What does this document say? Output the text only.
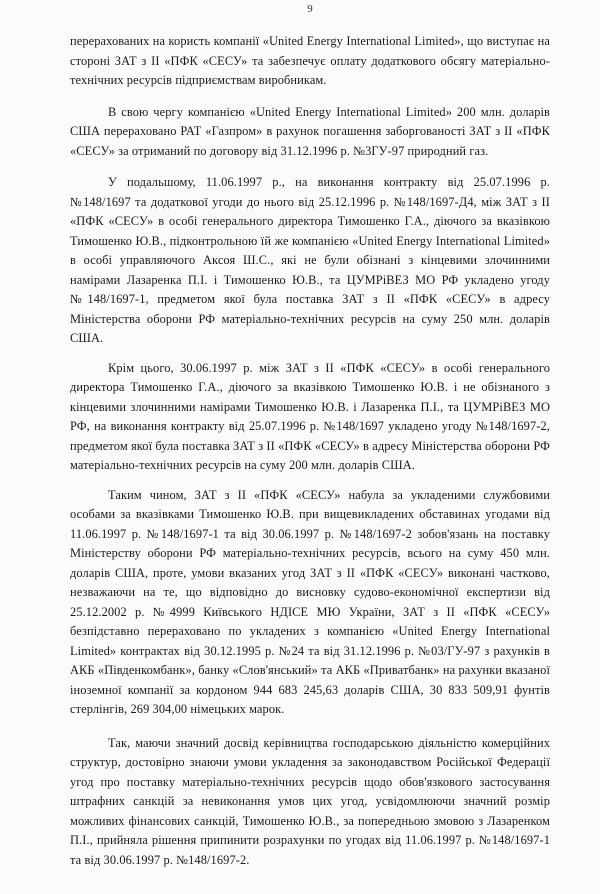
9

перерахованих на користь компанії «United Energy International Limited», що виступає на стороні ЗАТ з ІІ «ПФК «СЕСУ» та забезпечує оплату додаткового обсягу матеріально-технічних ресурсів підприємствам виробникам.

В свою чергу компанією «United Energy International Limited» 200 млн. доларів США перераховано РАТ «Газпром» в рахунок погашення заборгованості ЗАТ з ІІ «ПФК «СЕСУ» за отриманий по договору від 31.12.1996 р. №3ГУ-97 природний газ.

У подальшому, 11.06.1997 р., на виконання контракту від 25.07.1996 р. №148/1697 та додаткової угоди до нього від 25.12.1996 р. №148/1697-Д4, між ЗАТ з ІІ «ПФК «СЕСУ» в особі генерального директора Тимошенко Г.А., діючого за вказівкою Тимошенко Ю.В., підконтрольною їй же компанією «United Energy International Limited» в особі управляючого Аксоя Ш.С., які не були обізнані з кінцевими злочинними намірами Лазаренка П.І. і Тимошенко Ю.В., та ЦУМРіВЕЗ МО РФ укладено угоду №148/1697-1, предметом якої була поставка ЗАТ з ІІ «ПФК «СЕСУ» в адресу Міністерства оборони РФ матеріально-технічних ресурсів на суму 250 млн. доларів США.

Крім цього, 30.06.1997 р. між ЗАТ з ІІ «ПФК «СЕСУ» в особі генерального директора Тимошенко Г.А., діючого за вказівкою Тимошенко Ю.В. і не обізнаного з кінцевими злочинними намірами Тимошенко Ю.В. і Лазаренка П.І., та ЦУМРіВЕЗ МО РФ, на виконання контракту від 25.07.1996 р. №148/1697 укладено угоду №148/1697-2, предметом якої була поставка ЗАТ з ІІ «ПФК «СЕСУ» в адресу Міністерства оборони РФ матеріально-технічних ресурсів на суму 200 млн. доларів США.

Таким чином, ЗАТ з ІІ «ПФК «СЕСУ» набула за укладеними службовими особами за вказівками Тимошенко Ю.В. при вищевикладених обставинах угодами від 11.06.1997 р. №148/1697-1 та від 30.06.1997 р. №148/1697-2 зобов'язань на поставку Міністерству оборони РФ матеріально-технічних ресурсів, всього на суму 450 млн. доларів США, проте, умови вказаних угод ЗАТ з ІІ «ПФК «СЕСУ» виконані частково, незважаючи на те, що відповідно до висновку судово-економічної експертизи від 25.12.2002 р. №4999 Київського НДІСЕ МЮ України, ЗАТ з ІІ «ПФК «СЕСУ» безпідставно перераховано по укладених з компанією «United Energy International Limited» контрактах від 30.12.1995 р. №24 та від 31.12.1996 р. №03/ГУ-97 з рахунків в АКБ «Південкомбанк», банку «Слов'янський» та АКБ «Приватбанк» на рахунки вказаної іноземної компанії за кордоном 944 683 245,63 доларів США, 30 833 509,91 фунтів стерлінгів, 269 304,00 німецьких марок.

Так, маючи значний досвід керівництва господарською діяльністю комерційних структур, достовірно знаючи умови укладення за законодавством Російської Федерації угод про поставку матеріально-технічних ресурсів щодо обов'язкового застосування штрафних санкцій за невиконання умов цих угод, усвідомлюючи значний розмір можливих фінансових санкцій, Тимошенко Ю.В., за попередньою змовою з Лазаренком П.І., прийняла рішення припинити розрахунки по угодах від 11.06.1997 р. №148/1697-1 та від 30.06.1997 р. №148/1697-2.
